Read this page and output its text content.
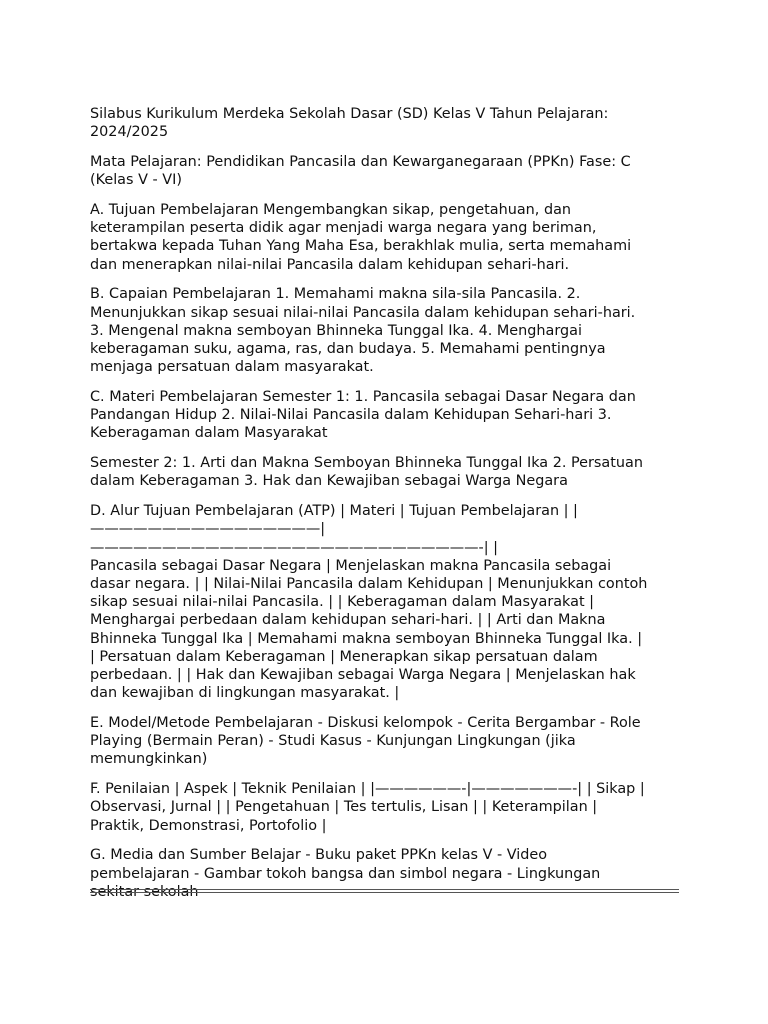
Silabus Kurikulum Merdeka Sekolah Dasar (SD) Kelas V Tahun Pelajaran:
2024/2025

Mata Pelajaran: Pendidikan Pancasila dan Kewarganegaraan (PPKn) Fase: C
(Kelas V - VI)

A. Tujuan Pembelajaran Mengembangkan sikap, pengetahuan, dan
keterampilan peserta didik agar menjadi warga negara yang beriman,
bertakwa kepada Tuhan Yang Maha Esa, berakhlak mulia, serta memahami
dan menerapkan nilai-nilai Pancasila dalam kehidupan sehari-hari.

B. Capaian Pembelajaran 1. Memahami makna sila-sila Pancasila. 2.
Menunjukkan sikap sesuai nilai-nilai Pancasila dalam kehidupan sehari-hari.
3. Mengenal makna semboyan Bhinneka Tunggal Ika. 4. Menghargai
keberagaman suku, agama, ras, dan budaya. 5. Memahami pentingnya
menjaga persatuan dalam masyarakat.

C. Materi Pembelajaran Semester 1: 1. Pancasila sebagai Dasar Negara dan
Pandangan Hidup 2. Nilai-Nilai Pancasila dalam Kehidupan Sehari-hari 3.
Keberagaman dalam Masyarakat

Semester 2: 1. Arti dan Makna Semboyan Bhinneka Tunggal Ika 2. Persatuan
dalam Keberagaman 3. Hak dan Kewajiban sebagai Warga Negara

D. Alur Tujuan Pembelajaran (ATP) | Materi | Tujuan Pembelajaran | |
————————————————|———————————————————————————-| |
Pancasila sebagai Dasar Negara | Menjelaskan makna Pancasila sebagai
dasar negara. | | Nilai-Nilai Pancasila dalam Kehidupan | Menunjukkan contoh
sikap sesuai nilai-nilai Pancasila. | | Keberagaman dalam Masyarakat |
Menghargai perbedaan dalam kehidupan sehari-hari. | | Arti dan Makna
Bhinneka Tunggal Ika | Memahami makna semboyan Bhinneka Tunggal Ika. |
| Persatuan dalam Keberagaman | Menerapkan sikap persatuan dalam
perbedaan. | | Hak dan Kewajiban sebagai Warga Negara | Menjelaskan hak
dan kewajiban di lingkungan masyarakat. |

E. Model/Metode Pembelajaran - Diskusi kelompok - Cerita Bergambar - Role
Playing (Bermain Peran) - Studi Kasus - Kunjungan Lingkungan (jika
memungkinkan)

F. Penilaian | Aspek | Teknik Penilaian | |——————-|———————-| | Sikap |
Observasi, Jurnal | | Pengetahuan | Tes tertulis, Lisan | | Keterampilan |
Praktik, Demonstrasi, Portofolio |

G. Media dan Sumber Belajar - Buku paket PPKn kelas V - Video
pembelajaran - Gambar tokoh bangsa dan simbol negara - Lingkungan
sekitar sekolah
